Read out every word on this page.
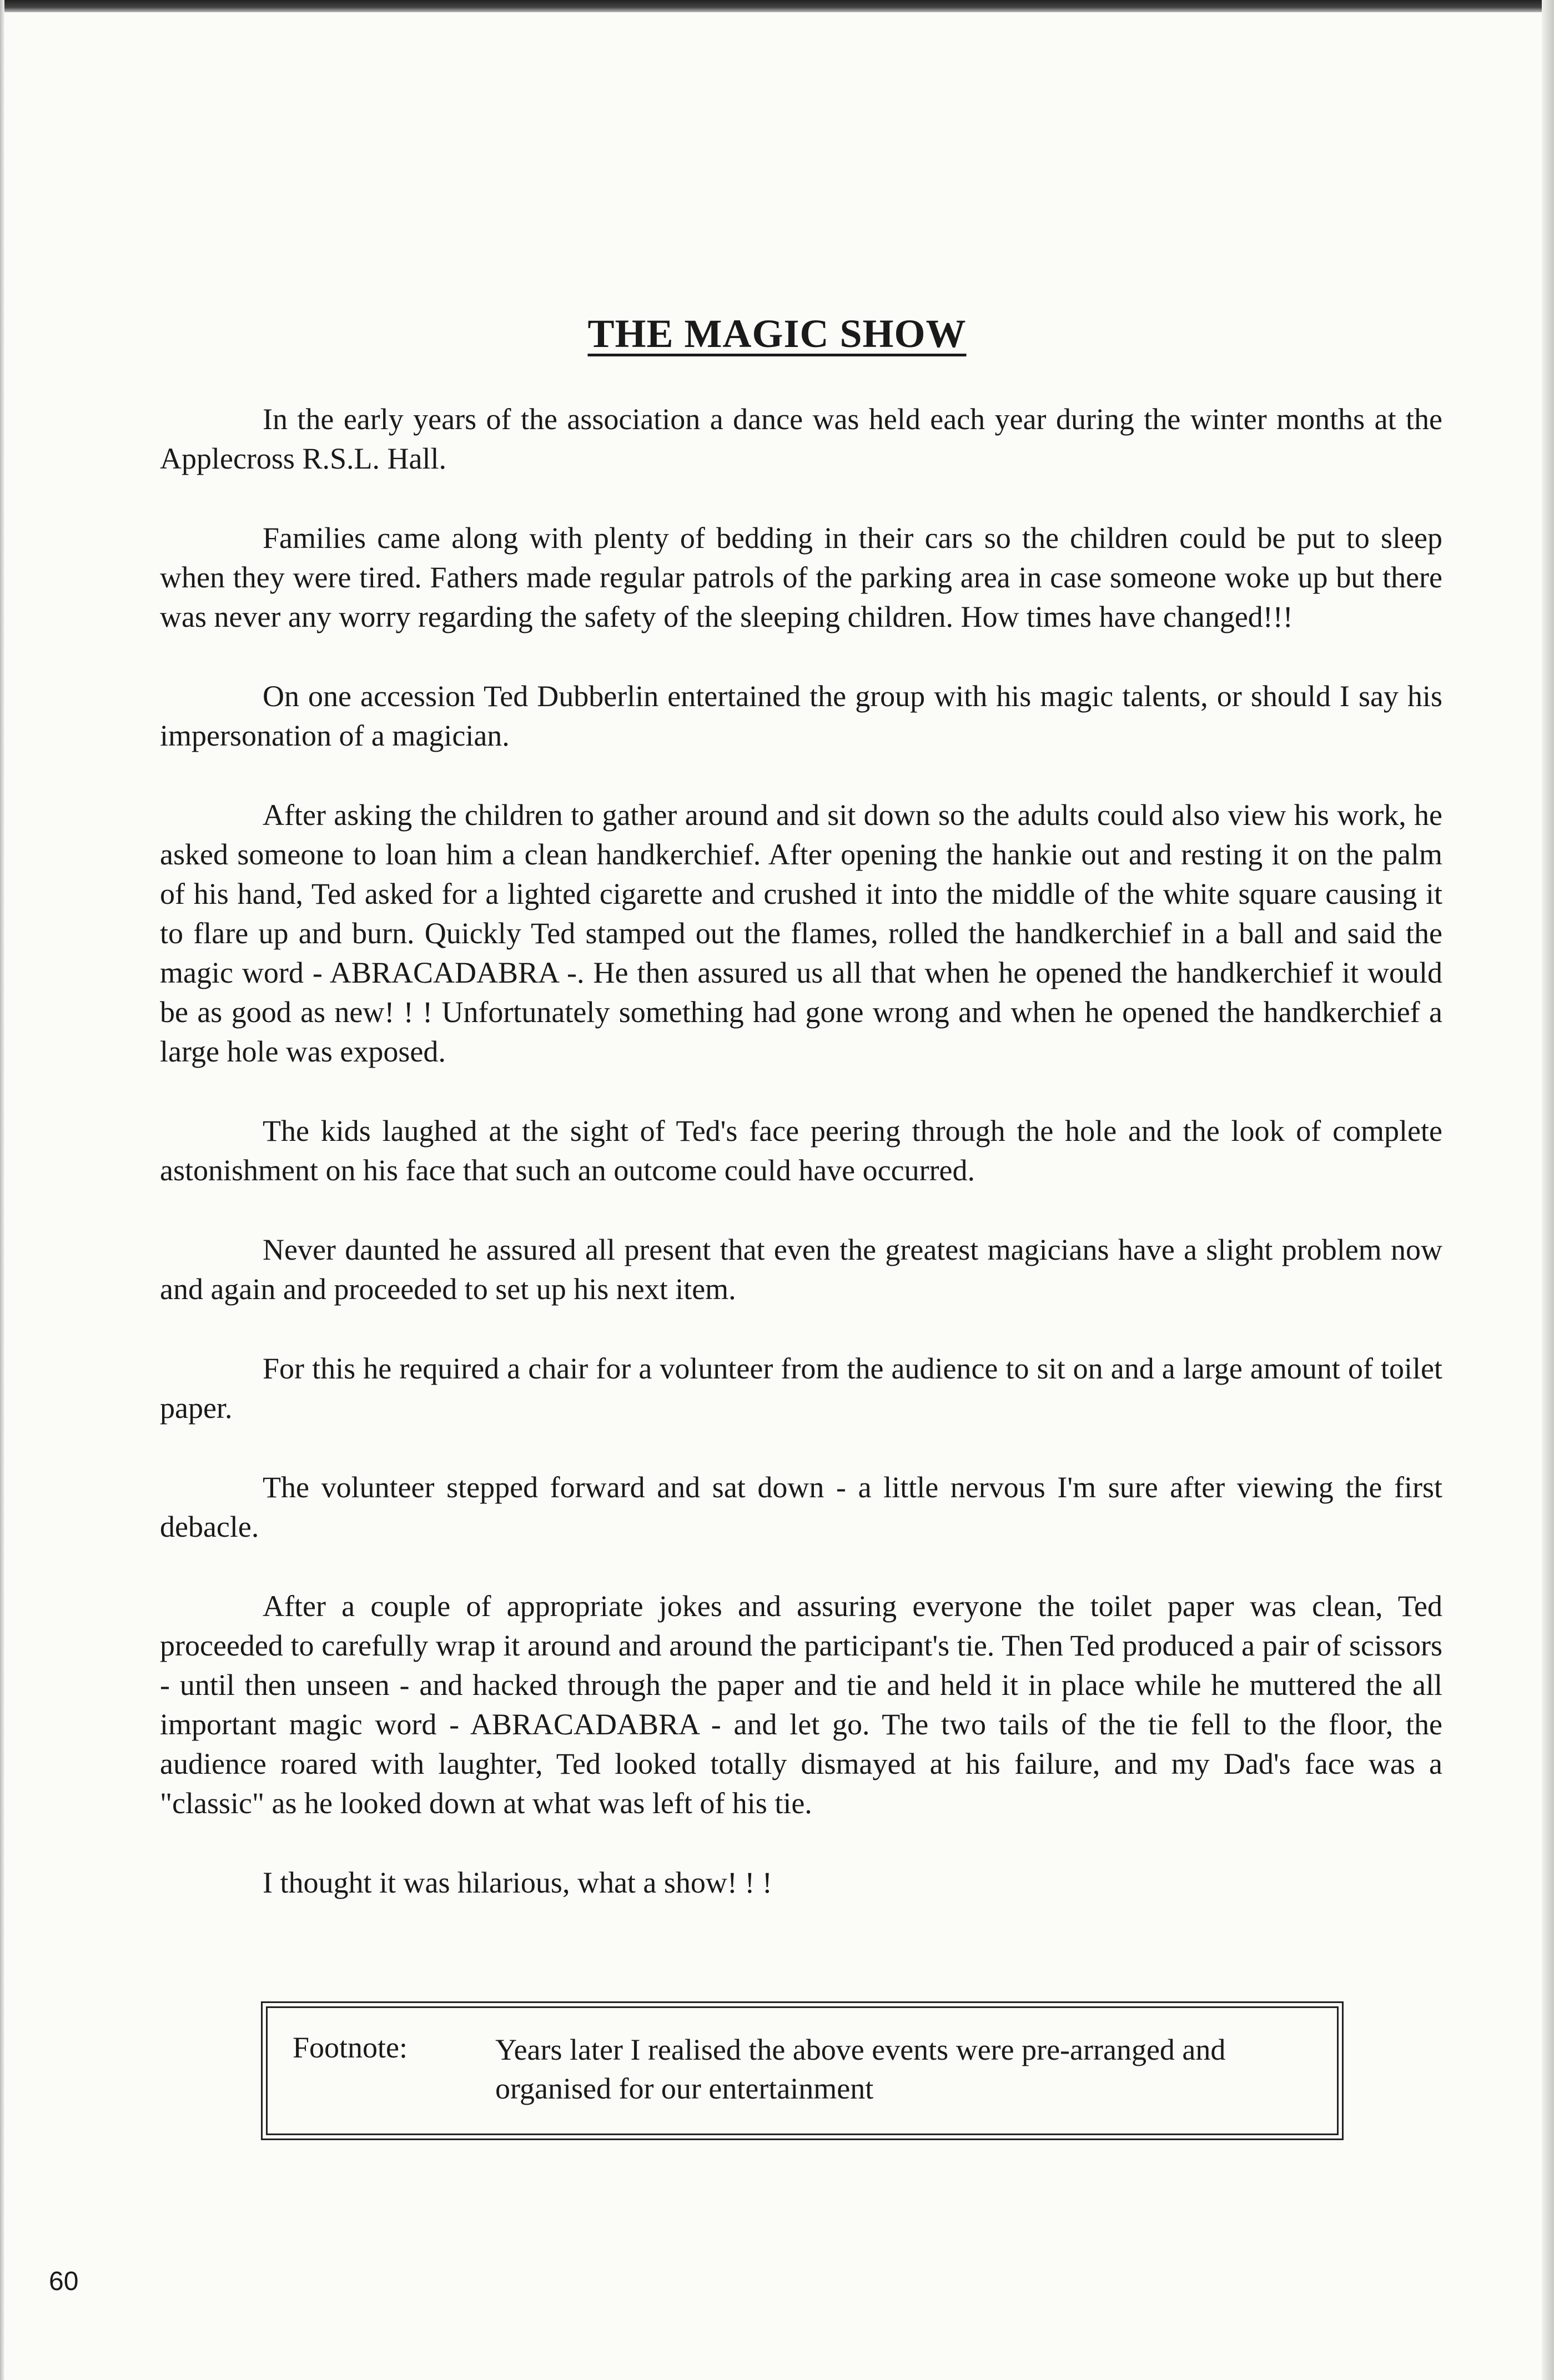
THE MAGIC SHOW

In the early years of the association a dance was held each year during the winter months at the Applecross R.S.L. Hall.

Families came along with plenty of bedding in their cars so the children could be put to sleep when they were tired. Fathers made regular patrols of the parking area in case someone woke up but there was never any worry regarding the safety of the sleeping children. How times have changed!!!

On one accession Ted Dubberlin entertained the group with his magic talents, or should I say his impersonation of a magician.

After asking the children to gather around and sit down so the adults could also view his work, he asked someone to loan him a clean handkerchief. After opening the hankie out and resting it on the palm of his hand, Ted asked for a lighted cigarette and crushed it into the middle of the white square causing it to flare up and burn. Quickly Ted stamped out the flames, rolled the handkerchief in a ball and said the magic word - ABRACADABRA -. He then assured us all that when he opened the handkerchief it would be as good as new! ! ! Unfortunately something had gone wrong and when he opened the handkerchief a large hole was exposed.

The kids laughed at the sight of Ted's face peering through the hole and the look of complete astonishment on his face that such an outcome could have occurred.

Never daunted he assured all present that even the greatest magicians have a slight problem now and again and proceeded to set up his next item.

For this he required a chair for a volunteer from the audience to sit on and a large amount of toilet paper.

The volunteer stepped forward and sat down - a little nervous I'm sure after viewing the first debacle.

After a couple of appropriate jokes and assuring everyone the toilet paper was clean, Ted proceeded to carefully wrap it around and around the participant's tie. Then Ted produced a pair of scissors - until then unseen - and hacked through the paper and tie and held it in place while he muttered the all important magic word - ABRACADABRA - and let go. The two tails of the tie fell to the floor, the audience roared with laughter, Ted looked totally dismayed at his failure, and my Dad's face was a "classic" as he looked down at what was left of his tie.

I thought it was hilarious, what a show! ! !

Footnote:	Years later I realised the above events were pre-arranged and organised for our entertainment
60
